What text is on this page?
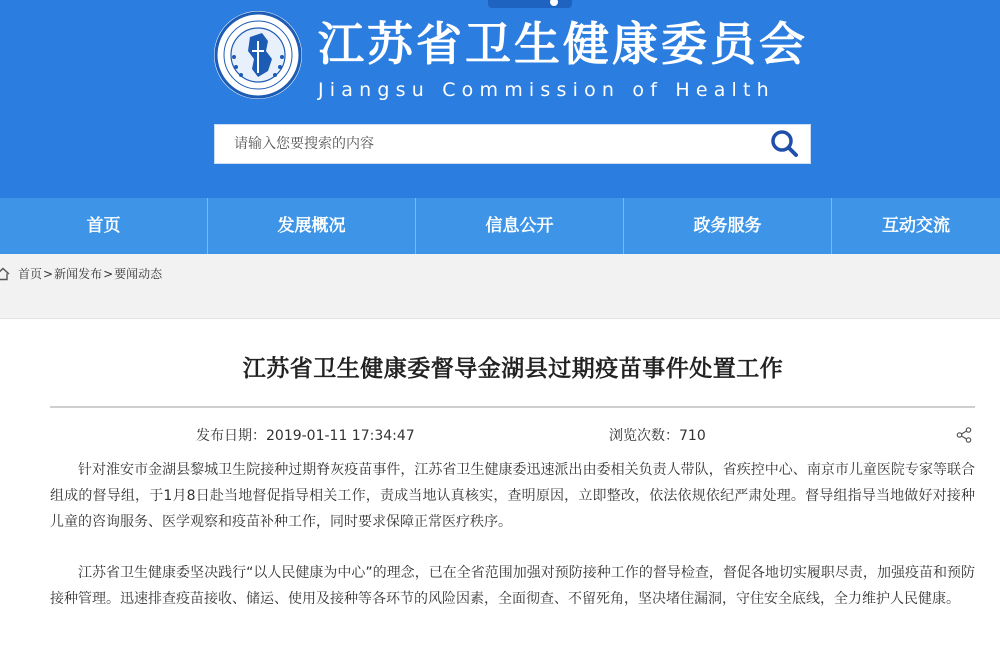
江苏省卫生健康委员会
Jiangsu Commission of Health
请输入您要搜索的内容
首页	发展概况	信息公开	政务服务	互动交流
首页 > 新闻发布 > 要闻动态
江苏省卫生健康委督导金湖县过期疫苗事件处置工作
发布日期：2019-01-11 17:34:47	浏览次数：710

针对淮安市金湖县黎城卫生院接种过期脊灰疫苗事件，江苏省卫生健康委迅速派出由委相关负责人带队，省疾控中心、南京市儿童医院专家等联合组成的督导组，于1月8日赴当地督促指导相关工作，责成当地认真核实，查明原因，立即整改，依法依规依纪严肃处理。督导组指导当地做好对接种儿童的咨询服务、医学观察和疫苗补种工作，同时要求保障正常医疗秩序。

江苏省卫生健康委坚决践行“以人民健康为中心”的理念，已在全省范围加强对预防接种工作的督导检查，督促各地切实履职尽责，加强疫苗和预防接种管理。迅速排查疫苗接收、储运、使用及接种等各环节的风险因素，全面彻查、不留死角，坚决堵住漏洞，守住安全底线，全力维护人民健康。
